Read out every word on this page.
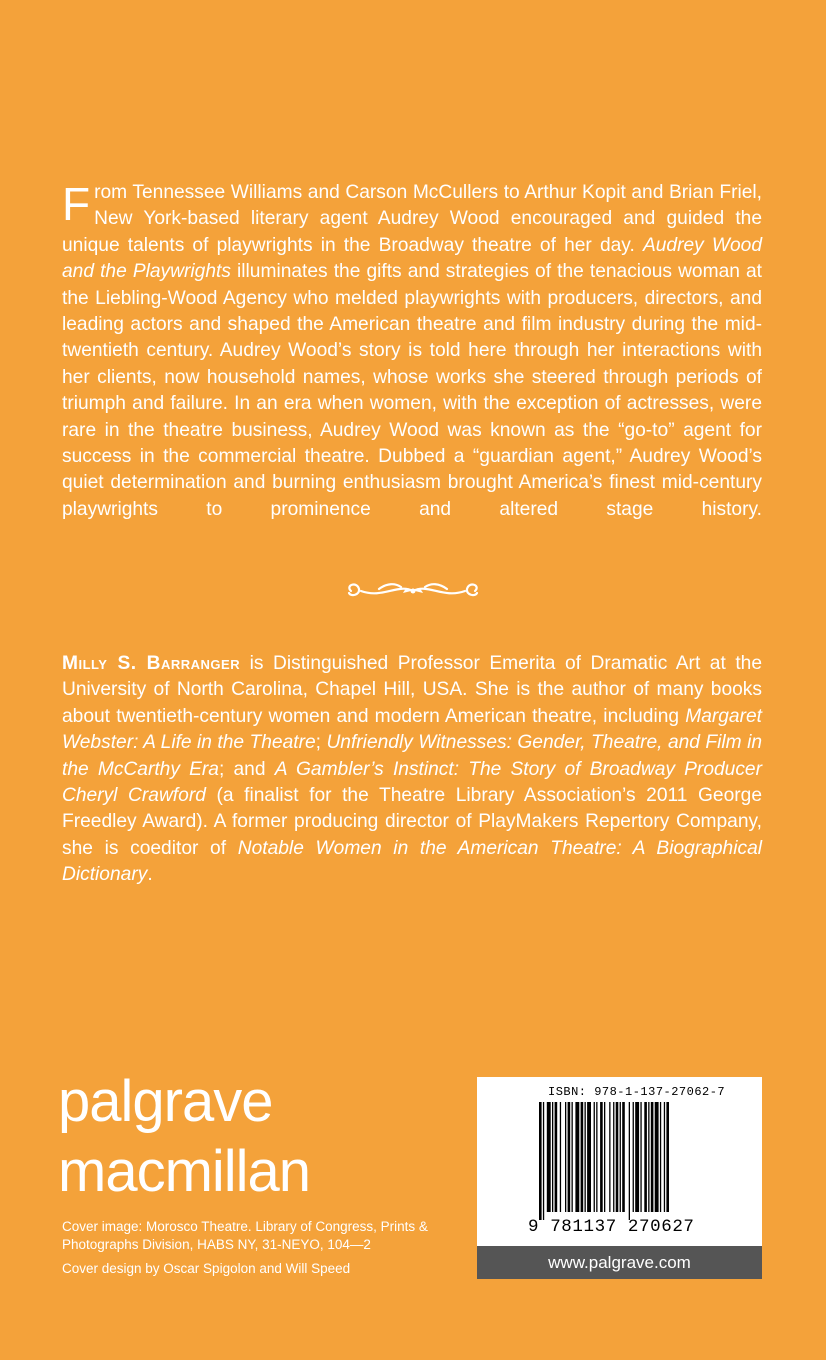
From Tennessee Williams and Carson McCullers to Arthur Kopit and Brian Friel, New York-based literary agent Audrey Wood encouraged and guided the unique talents of playwrights in the Broadway theatre of her day. Audrey Wood and the Playwrights illuminates the gifts and strategies of the tenacious woman at the Liebling-Wood Agency who melded playwrights with producers, directors, and leading actors and shaped the American theatre and film industry during the mid-twentieth century. Audrey Wood’s story is told here through her interactions with her clients, now household names, whose works she steered through periods of triumph and failure. In an era when women, with the exception of actresses, were rare in the theatre business, Audrey Wood was known as the “go-to” agent for success in the commercial theatre. Dubbed a “guardian agent,” Audrey Wood’s quiet determination and burning enthusiasm brought America’s finest mid-century playwrights to prominence and altered stage history.
Milly S. Barranger is Distinguished Professor Emerita of Dramatic Art at the University of North Carolina, Chapel Hill, USA. She is the author of many books about twentieth-century women and modern American theatre, including Margaret Webster: A Life in the Theatre; Unfriendly Witnesses: Gender, Theatre, and Film in the McCarthy Era; and A Gambler’s Instinct: The Story of Broadway Producer Cheryl Crawford (a finalist for the Theatre Library Association’s 2011 George Freedley Award). A former producing director of PlayMakers Repertory Company, she is coeditor of Notable Women in the American Theatre: A Biographical Dictionary.
palgrave
macmillan

Cover image: Morosco Theatre. Library of Congress, Prints & Photographs Division, HABS NY, 31-NEYO, 104—2

Cover design by Oscar Spigolon and Will Speed

ISBN: 978-1-137-27062-7
9 781137 270627
www.palgrave.com
